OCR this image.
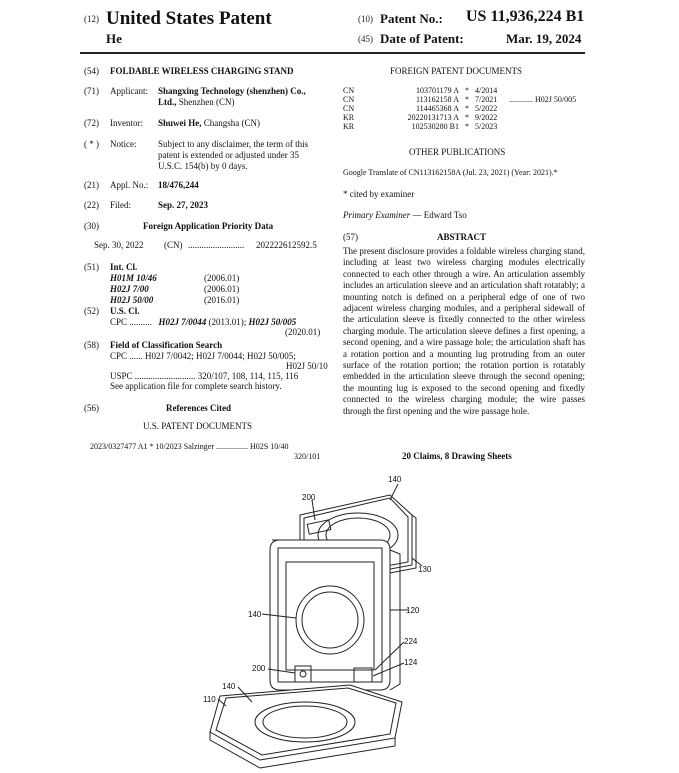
(12) United States Patent
He
(10) Patent No.: US 11,936,224 B1
(45) Date of Patent:	Mar. 19, 2024
(54) FOLDABLE WIRELESS CHARGING STAND
(71) Applicant: Shangxing Technology (shenzhen) Co.,
Ltd., Shenzhen (CN)
(72) Inventor: Shuwei He, Changsha (CN)
( * ) Notice: Subject to any disclaimer, the term of this
patent is extended or adjusted under 35
U.S.C. 154(b) by 0 days.
(21) Appl. No.: 18/476,244
(22) Filed:	Sep. 27, 2023
(30)	Foreign Application Priority Data
Sep. 30, 2022 (CN) ......................... 202222612592.5
(51) Int. Cl.
H01M 10/46	(2006.01)
H02J 7/00	(2006.01)
H02J 50/00	(2016.01)
(52) U.S. Cl.
CPC .......... H02J 7/0044 (2013.01); H02J 50/005
(2020.01)
(58) Field of Classification Search
CPC ...... H02J 7/0042; H02J 7/0044; H02J 50/005;
H02J 50/10
USPC ........................... 320/107, 108, 114, 115, 116
See application file for complete search history.
(56)	References Cited
U.S. PATENT DOCUMENTS
2023/0327477 A1 * 10/2023 Salzinger ................ H02S 10/40
320/101
FOREIGN PATENT DOCUMENTS
CN	103701179 A * 4/2014
CN	113162158 A * 7/2021	............ H02J 50/005
CN	114465368 A * 5/2022
KR	20220131713 A * 9/2022
KR	102530280 B1 * 5/2023
OTHER PUBLICATIONS
Google Translate of CN113162158A (Jul. 23, 2021) (Year: 2021).*
* cited by examiner
Primary Examiner — Edward Tso
(57)	ABSTRACT
The present disclosure provides a foldable wireless charging stand, including at least two wireless charging modules electrically connected to each other through a wire. An articulation assembly includes an articulation sleeve and an articulation shaft rotatably; a mounting notch is defined on a peripheral edge of one of two adjacent wireless charging modules, and a peripheral sidewall of the articulation sleeve is fixedly connected to the other wireless charging module. The articulation sleeve defines a first opening, a second opening, and a wire passage hole; the articulation shaft has a rotation portion and a mounting lug protruding from an outer surface of the rotation portion; the rotation portion is rotatably embedded in the articulation sleeve through the second opening; the mounting lug is exposed to the second opening and fixedly connected to the wireless charging module; the wire passes through the first opening and the wire passage hole.
20 Claims, 8 Drawing Sheets
200
140
130
140	120
224
124
200
140
110
